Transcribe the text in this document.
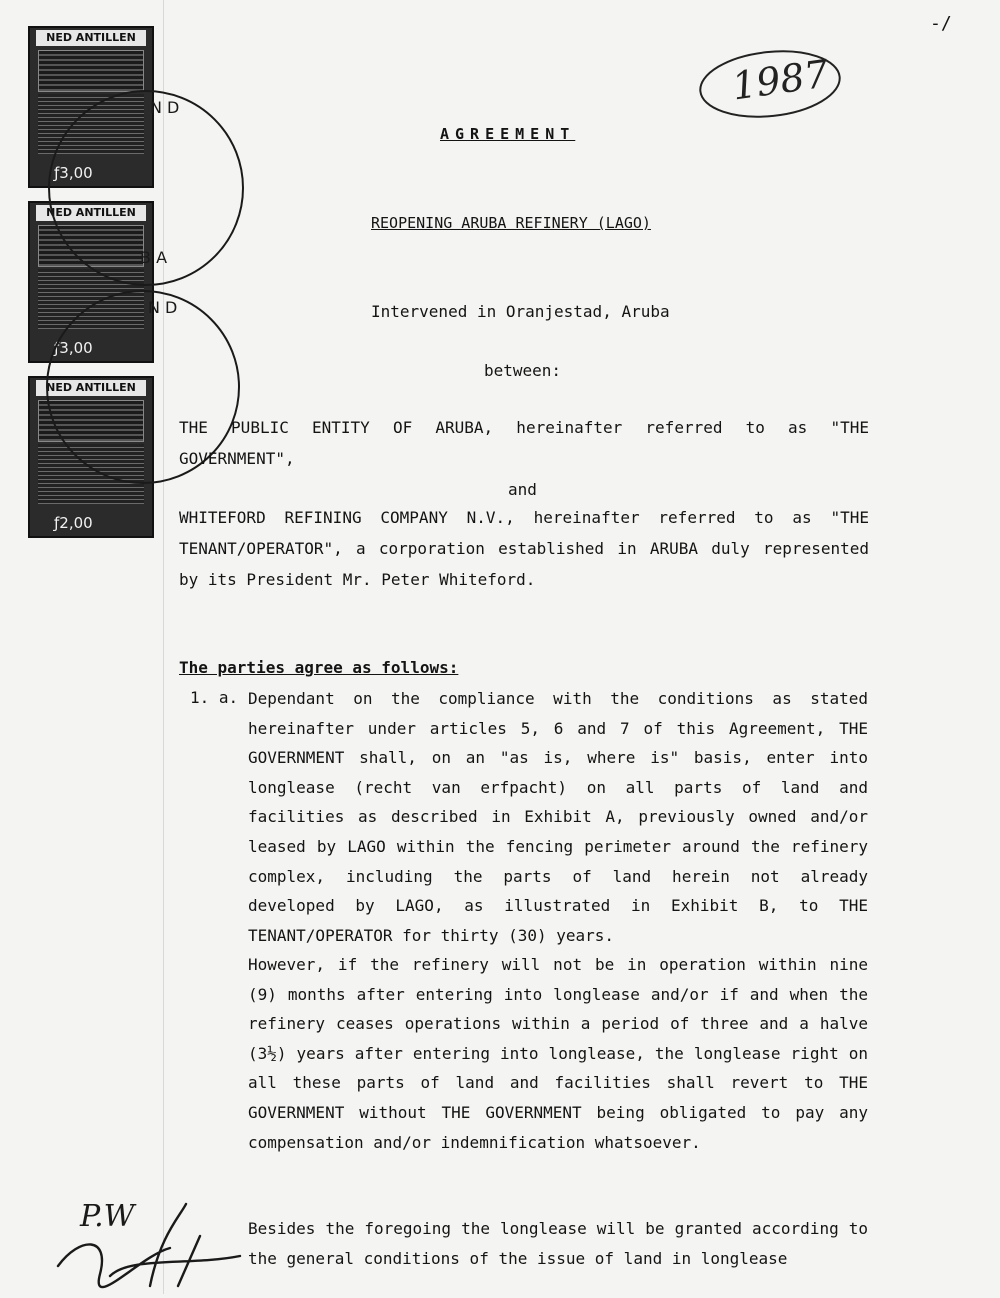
-/
1987
NED ANTILLEN
ƒ3,00
NED ANTILLEN
ƒ3,00
NED ANTILLEN
ƒ2,00
N D
N D
B A
AGREEMENT
REOPENING ARUBA REFINERY (LAGO)
Intervened in Oranjestad, Aruba
between:
THE PUBLIC ENTITY OF ARUBA, hereinafter referred to as "THE GOVERNMENT",
and
WHITEFORD REFINING COMPANY N.V., hereinafter referred to as "THE TENANT/OPERATOR", a corporation established in ARUBA duly represented by its President Mr. Peter Whiteford.
The parties agree as follows:
1. a. Dependant on the compliance with the conditions as stated hereinafter under articles 5, 6 and 7 of this Agreement, THE GOVERNMENT shall, on an "as is, where is" basis, enter into longlease (recht van erfpacht) on all parts of land and facilities as described in Exhibit A, previously owned and/or leased by LAGO within the fencing perimeter around the refinery complex, including the parts of land herein not already developed by LAGO, as illustrated in Exhibit B, to THE TENANT/OPERATOR for thirty (30) years.
However, if the refinery will not be in operation within nine (9) months after entering into longlease and/or if and when the refinery ceases operations within a period of three and a halve (3½) years after entering into longlease, the longlease right on all these parts of land and facilities shall revert to THE GOVERNMENT without THE GOVERNMENT being obligated to pay any compensation and/or indemnification whatsoever.
Besides the foregoing the longlease will be granted according to the general conditions of the issue of land in longlease
P.W
